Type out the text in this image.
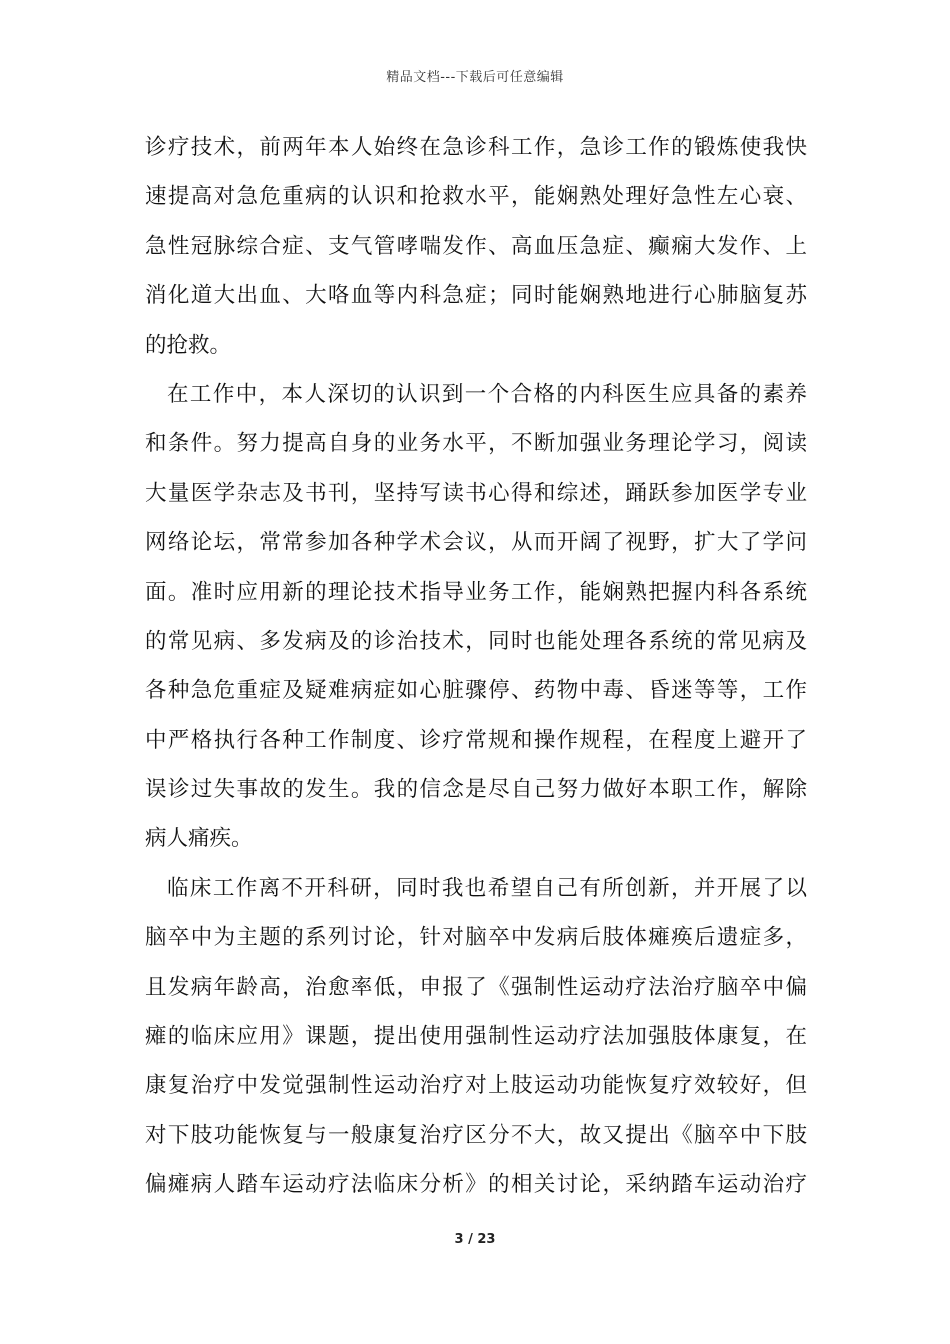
精品文档---下载后可任意编辑
诊疗技术，前两年本人始终在急诊科工作，急诊工作的锻炼使我快
速提高对急危重病的认识和抢救水平，能娴熟处理好急性左心衰、
急性冠脉综合症、支气管哮喘发作、高血压急症、癫痫大发作、上
消化道大出血、大咯血等内科急症；同时能娴熟地进行心肺脑复苏
的抢救。
在工作中，本人深切的认识到一个合格的内科医生应具备的素养
和条件。努力提高自身的业务水平，不断加强业务理论学习，阅读
大量医学杂志及书刊，坚持写读书心得和综述，踊跃参加医学专业
网络论坛，常常参加各种学术会议，从而开阔了视野，扩大了学问
面。准时应用新的理论技术指导业务工作，能娴熟把握内科各系统
的常见病、多发病及的诊治技术，同时也能处理各系统的常见病及
各种急危重症及疑难病症如心脏骤停、药物中毒、昏迷等等，工作
中严格执行各种工作制度、诊疗常规和操作规程，在程度上避开了
误诊过失事故的发生。我的信念是尽自己努力做好本职工作，解除
病人痛疾。
临床工作离不开科研，同时我也希望自己有所创新，并开展了以
脑卒中为主题的系列讨论，针对脑卒中发病后肢体瘫痪后遗症多，
且发病年龄高，治愈率低，申报了《强制性运动疗法治疗脑卒中偏
瘫的临床应用》课题，提出使用强制性运动疗法加强肢体康复，在
康复治疗中发觉强制性运动治疗对上肢运动功能恢复疗效较好，但
对下肢功能恢复与一般康复治疗区分不大，故又提出《脑卒中下肢
偏瘫病人踏车运动疗法临床分析》的相关讨论，采纳踏车运动治疗
3 / 23
